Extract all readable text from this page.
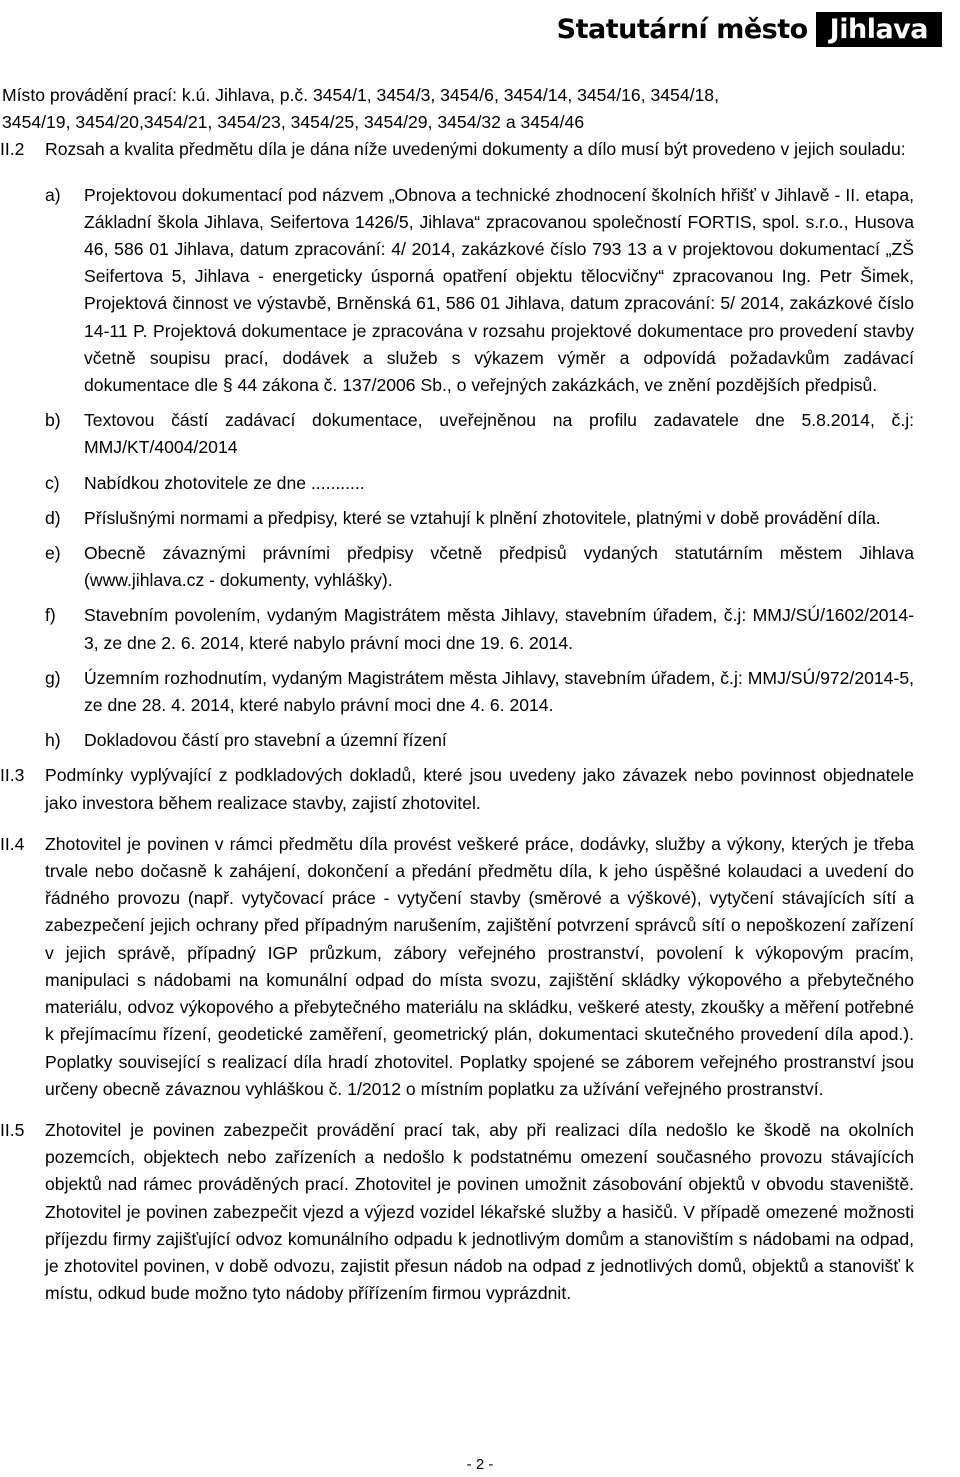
Statutární město Jihlava

Místo provádění prací: k.ú. Jihlava, p.č. 3454/1, 3454/3, 3454/6, 3454/14, 3454/16, 3454/18,

3454/19, 3454/20,3454/21, 3454/23, 3454/25, 3454/29, 3454/32 a 3454/46

II.2	Rozsah a kvalita předmětu díla je dána níže uvedenými dokumenty a dílo musí být provedeno v jejich souladu:
a)	Projektovou dokumentací pod názvem „Obnova a technické zhodnocení školních hřišť v Jihlavě - II. etapa, Základní škola Jihlava, Seifertova 1426/5, Jihlava“ zpracovanou společností FORTIS, spol. s.r.o., Husova 46, 586 01 Jihlava, datum zpracování: 4/ 2014, zakázkové číslo 793 13 a v projektovou dokumentací „ZŠ Seifertova 5, Jihlava - energeticky úsporná opatření objektu tělocvičny“ zpracovanou Ing. Petr Šimek, Projektová činnost ve výstavbě, Brněnská 61, 586 01 Jihlava, datum zpracování: 5/ 2014, zakázkové číslo 14-11 P. Projektová dokumentace je zpracována v rozsahu projektové dokumentace pro provedení stavby včetně soupisu prací, dodávek a služeb s výkazem výměr a odpovídá požadavkům zadávací dokumentace dle § 44 zákona č. 137/2006 Sb., o veřejných zakázkách, ve znění pozdějších předpisů.
b)	Textovou částí zadávací dokumentace, uveřejněnou na profilu zadavatele dne 5.8.2014, č.j: MMJ/KT/4004/2014
c)	Nabídkou zhotovitele ze dne ...........
d)	Příslušnými normami a předpisy, které se vztahují k plnění zhotovitele, platnými v době provádění díla.
e)	Obecně závaznými právními předpisy včetně předpisů vydaných statutárním městem Jihlava (www.jihlava.cz - dokumenty, vyhlášky).
f)	Stavebním povolením, vydaným Magistrátem města Jihlavy, stavebním úřadem, č.j: MMJ/SÚ/1602/2014-3, ze dne 2. 6. 2014, které nabylo právní moci dne 19. 6. 2014.
g)	Územním rozhodnutím, vydaným Magistrátem města Jihlavy, stavebním úřadem, č.j: MMJ/SÚ/972/2014-5, ze dne 28. 4. 2014, které nabylo právní moci dne 4. 6. 2014.
h)	Dokladovou částí pro stavební a územní řízení
II.3	Podmínky vyplývající z podkladových dokladů, které jsou uvedeny jako závazek nebo povinnost objednatele jako investora během realizace stavby, zajistí zhotovitel.
II.4	Zhotovitel je povinen v rámci předmětu díla provést veškeré práce, dodávky, služby a výkony, kterých je třeba trvale nebo dočasně k zahájení, dokončení a předání předmětu díla, k jeho úspěšné kolaudaci a uvedení do řádného provozu (např. vytyčovací práce - vytyčení stavby (směrové a výškové), vytyčení stávajících sítí a zabezpečení jejich ochrany před případným narušením, zajištění potvrzení správců sítí o nepoškození zařízení v jejich správě, případný IGP průzkum, zábory veřejného prostranství, povolení k výkopovým pracím, manipulaci s nádobami na komunální odpad do místa svozu, zajištění skládky výkopového a přebytečného materiálu, odvoz výkopového a přebytečného materiálu na skládku, veškeré atesty, zkoušky a měření potřebné k přejímacímu řízení, geodetické zaměření, geometrický plán, dokumentaci skutečného provedení díla apod.). Poplatky související s realizací díla hradí zhotovitel. Poplatky spojené se záborem veřejného prostranství jsou určeny obecně závaznou vyhláškou č. 1/2012 o místním poplatku za užívání veřejného prostranství.
II.5	Zhotovitel je povinen zabezpečit provádění prací tak, aby při realizaci díla nedošlo ke škodě na okolních pozemcích, objektech nebo zařízeních a nedošlo k podstatnému omezení současného provozu stávajících objektů nad rámec prováděných prací. Zhotovitel je povinen umožnit zásobování objektů v obvodu staveniště. Zhotovitel je povinen zabezpečit vjezd a výjezd vozidel lékařské služby a hasičů. V případě omezené možnosti příjezdu firmy zajišťující odvoz komunálního odpadu k jednotlivým domům a stanovištím s nádobami na odpad, je zhotovitel povinen, v době odvozu, zajistit přesun nádob na odpad z jednotlivých domů, objektů a stanovišť k místu, odkud bude možno tyto nádoby přířízením firmou vyprázdnit.
- 2 -
